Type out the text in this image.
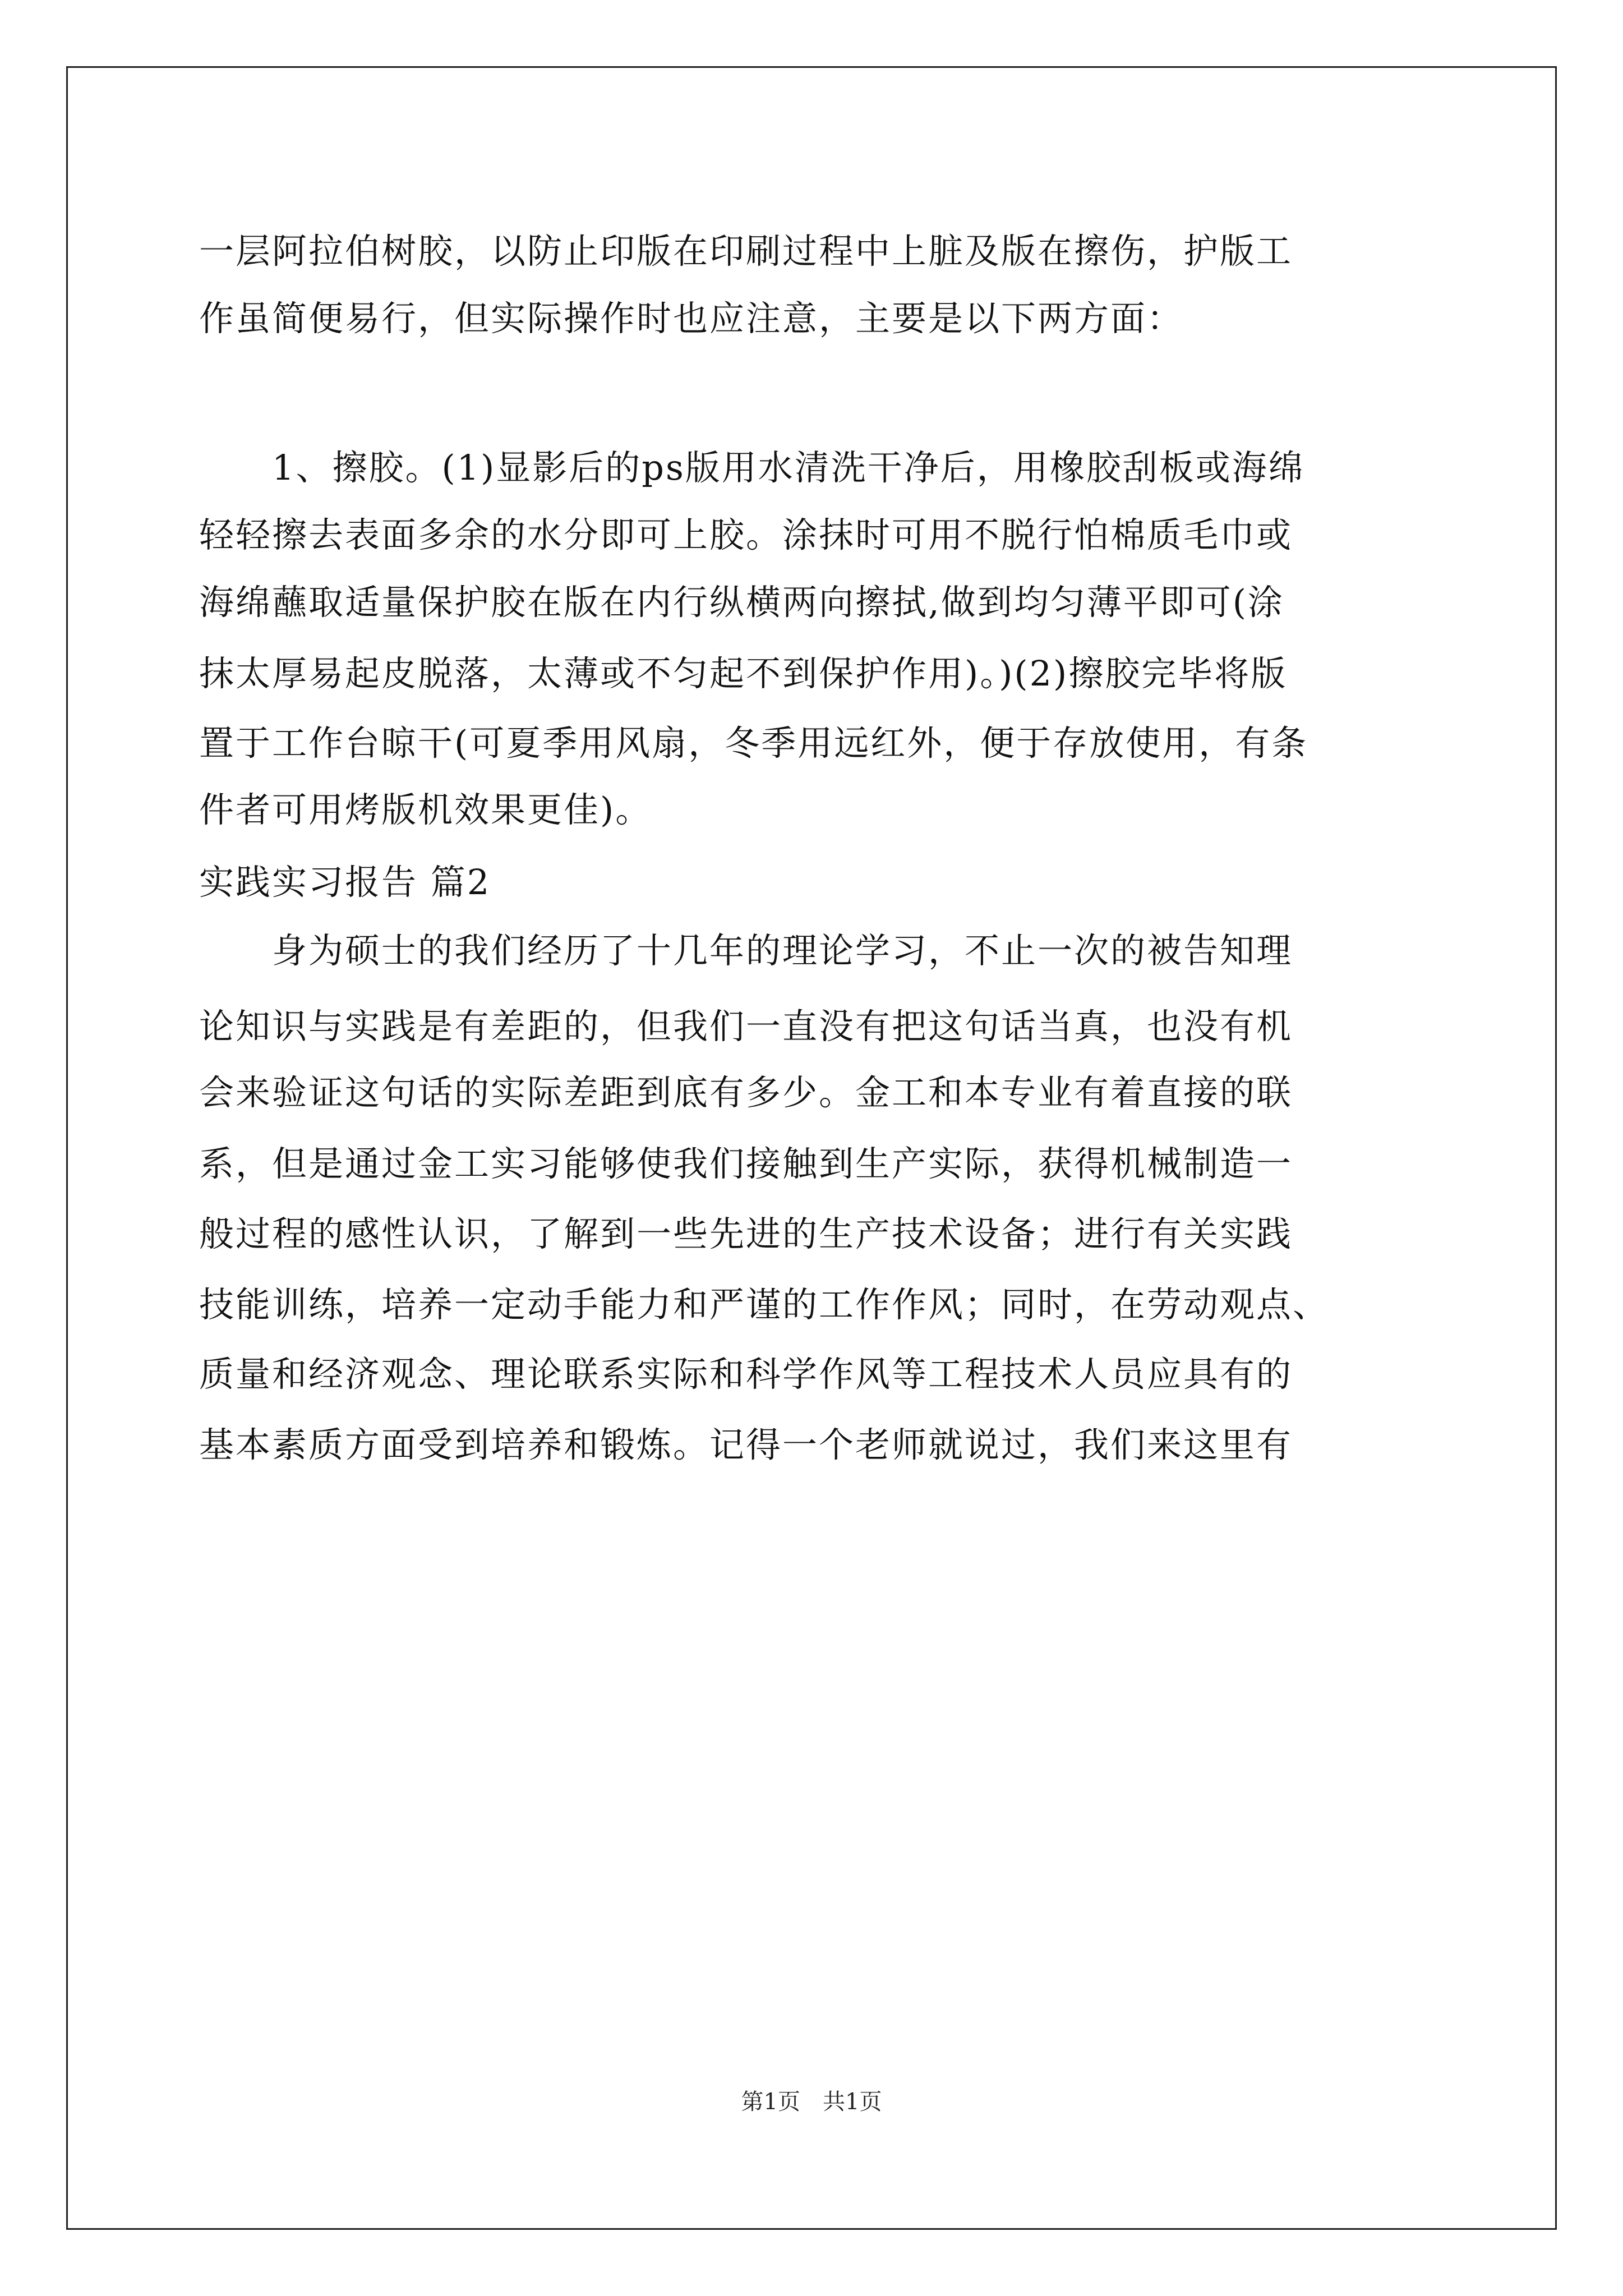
一层阿拉伯树胶，以防止印版在印刷过程中上脏及版在擦伤，护版工
作虽简便易行，但实际操作时也应注意，主要是以下两方面：
　　1、擦胶。(1)显影后的ps版用水清洗干净后，用橡胶刮板或海绵
轻轻擦去表面多余的水分即可上胶。涂抹时可用不脱行怕棉质毛巾或
海绵蘸取适量保护胶在版在内行纵横两向擦拭,做到均匀薄平即可(涂
抹太厚易起皮脱落，太薄或不匀起不到保护作用)。)(2)擦胶完毕将版
置于工作台晾干(可夏季用风扇，冬季用远红外，便于存放使用，有条
件者可用烤版机效果更佳)。
实践实习报告 篇2
　　身为硕士的我们经历了十几年的理论学习，不止一次的被告知理
论知识与实践是有差距的，但我们一直没有把这句话当真，也没有机
会来验证这句话的实际差距到底有多少。金工和本专业有着直接的联
系，但是通过金工实习能够使我们接触到生产实际，获得机械制造一
般过程的感性认识，了解到一些先进的生产技术设备；进行有关实践
技能训练，培养一定动手能力和严谨的工作作风；同时，在劳动观点、
质量和经济观念、理论联系实际和科学作风等工程技术人员应具有的
基本素质方面受到培养和锻炼。记得一个老师就说过，我们来这里有
第1页　共1页
